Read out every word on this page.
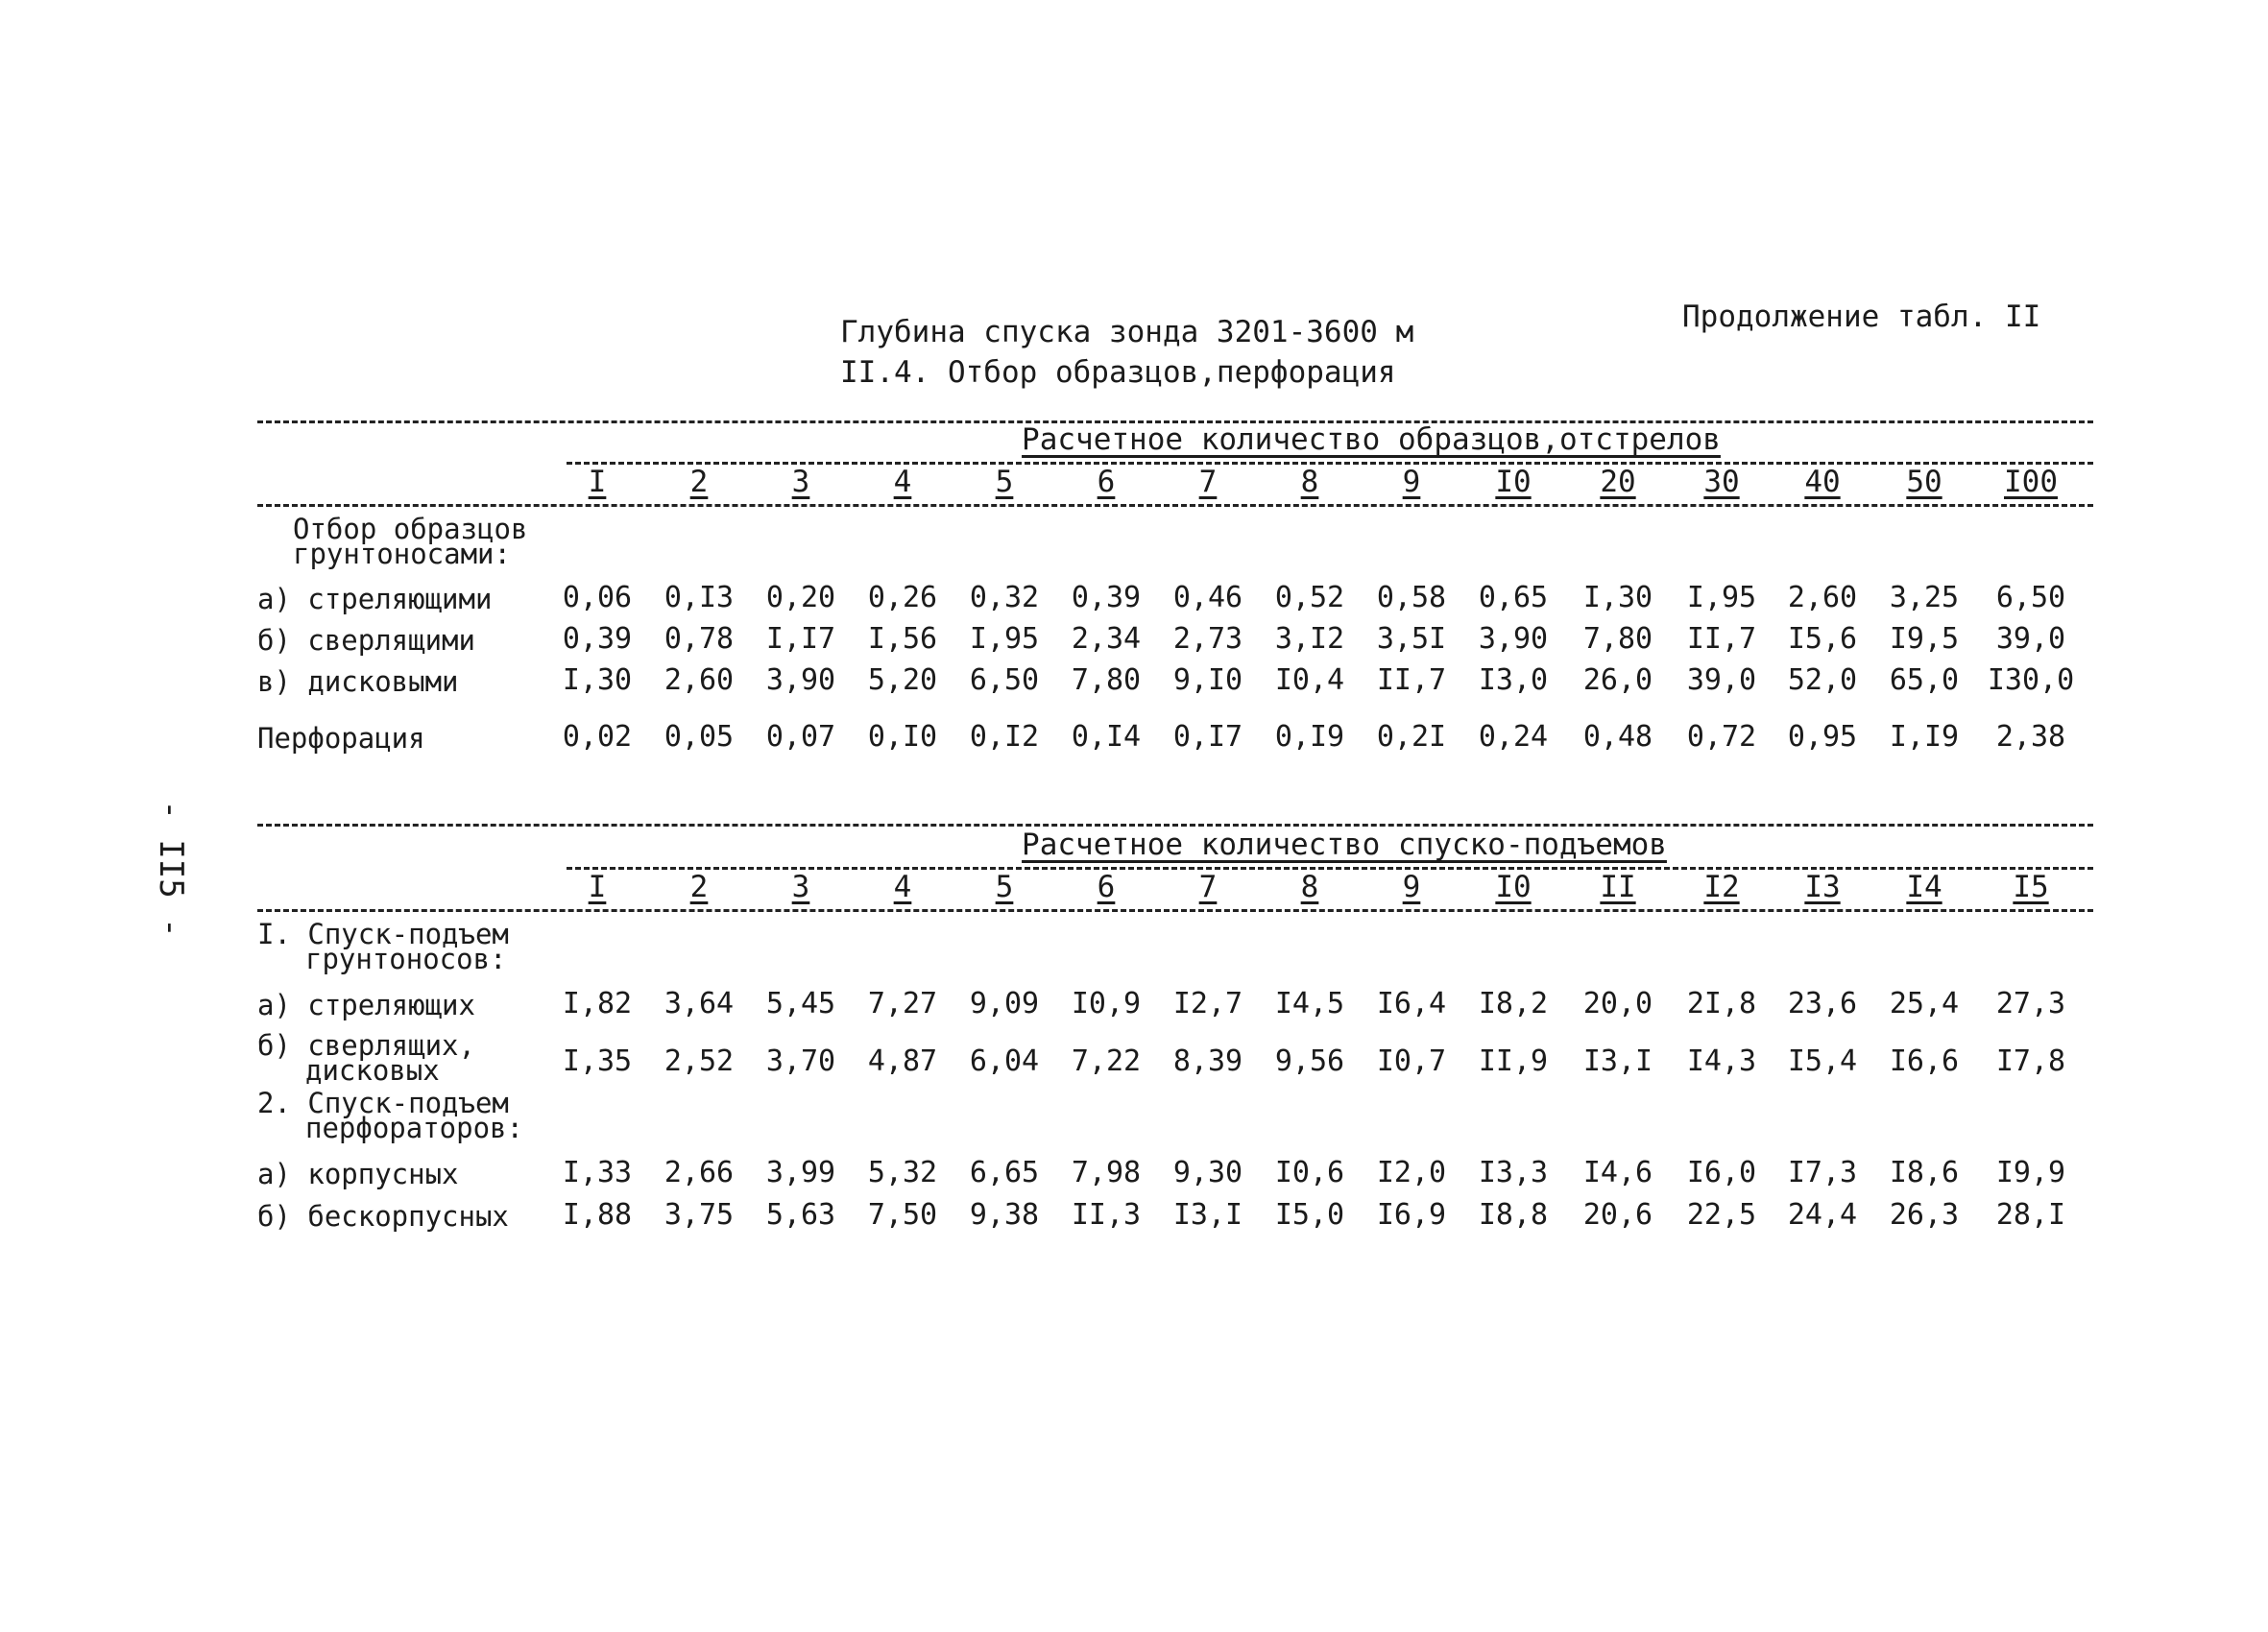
- II5 -
Глубина спуска зонда 3201-3600 м
II.4. Отбор образцов,перфорация
Продолжение табл. II
Расчетное количество образцов,отстрелов
I	2	3	4	5	6	7	8	9	I0 20 30 40 50 I00
Отбор образцов
грунтоносами:
а) стреляющими 0,06 0,I3 0,20 0,26 0,32 0,39 0,46 0,52 0,58 0,65 I,30 I,95 2,60 3,25 6,50
б) сверлящими	0,39 0,78 I,I7 I,56 I,95 2,34 2,73 3,I2 3,5I 3,90 7,80 II,7 I5,6 I9,5 39,0
в) дисковыми	I,30 2,60 3,90 5,20 6,50 7,80 9,I0 I0,4 II,7 I3,0 26,0 39,0 52,0 65,0 I30,0
Перфорация	0,02 0,05 0,07 0,I0 0,I2 0,I4 0,I7 0,I9 0,2I 0,24 0,48 0,72 0,95 I,I9 2,38
Расчетное количество спуско-подъемов
I	2	3	4	5	6	7	8	9	I0 II I2 I3 I4 I5
I. Спуск-подъем
грунтоносов:
а) стреляющих	I,82 3,64 5,45 7,27 9,09 I0,9 I2,7 I4,5 I6,4 I8,2 20,0 2I,8 23,6 25,4 27,3
б) сверлящих,
дисковых	I,35 2,52 3,70 4,87 6,04 7,22 8,39 9,56 I0,7 II,9 I3,I I4,3 I5,4 I6,6 I7,8
2. Спуск-подъем
перфораторов:
а) корпусных	I,33 2,66 3,99 5,32 6,65 7,98 9,30 I0,6 I2,0 I3,3 I4,6 I6,0 I7,3 I8,6 I9,9
б) бескорпусных I,88 3,75 5,63 7,50 9,38 II,3 I3,I I5,0 I6,9 I8,8 20,6 22,5 24,4 26,3 28,I
